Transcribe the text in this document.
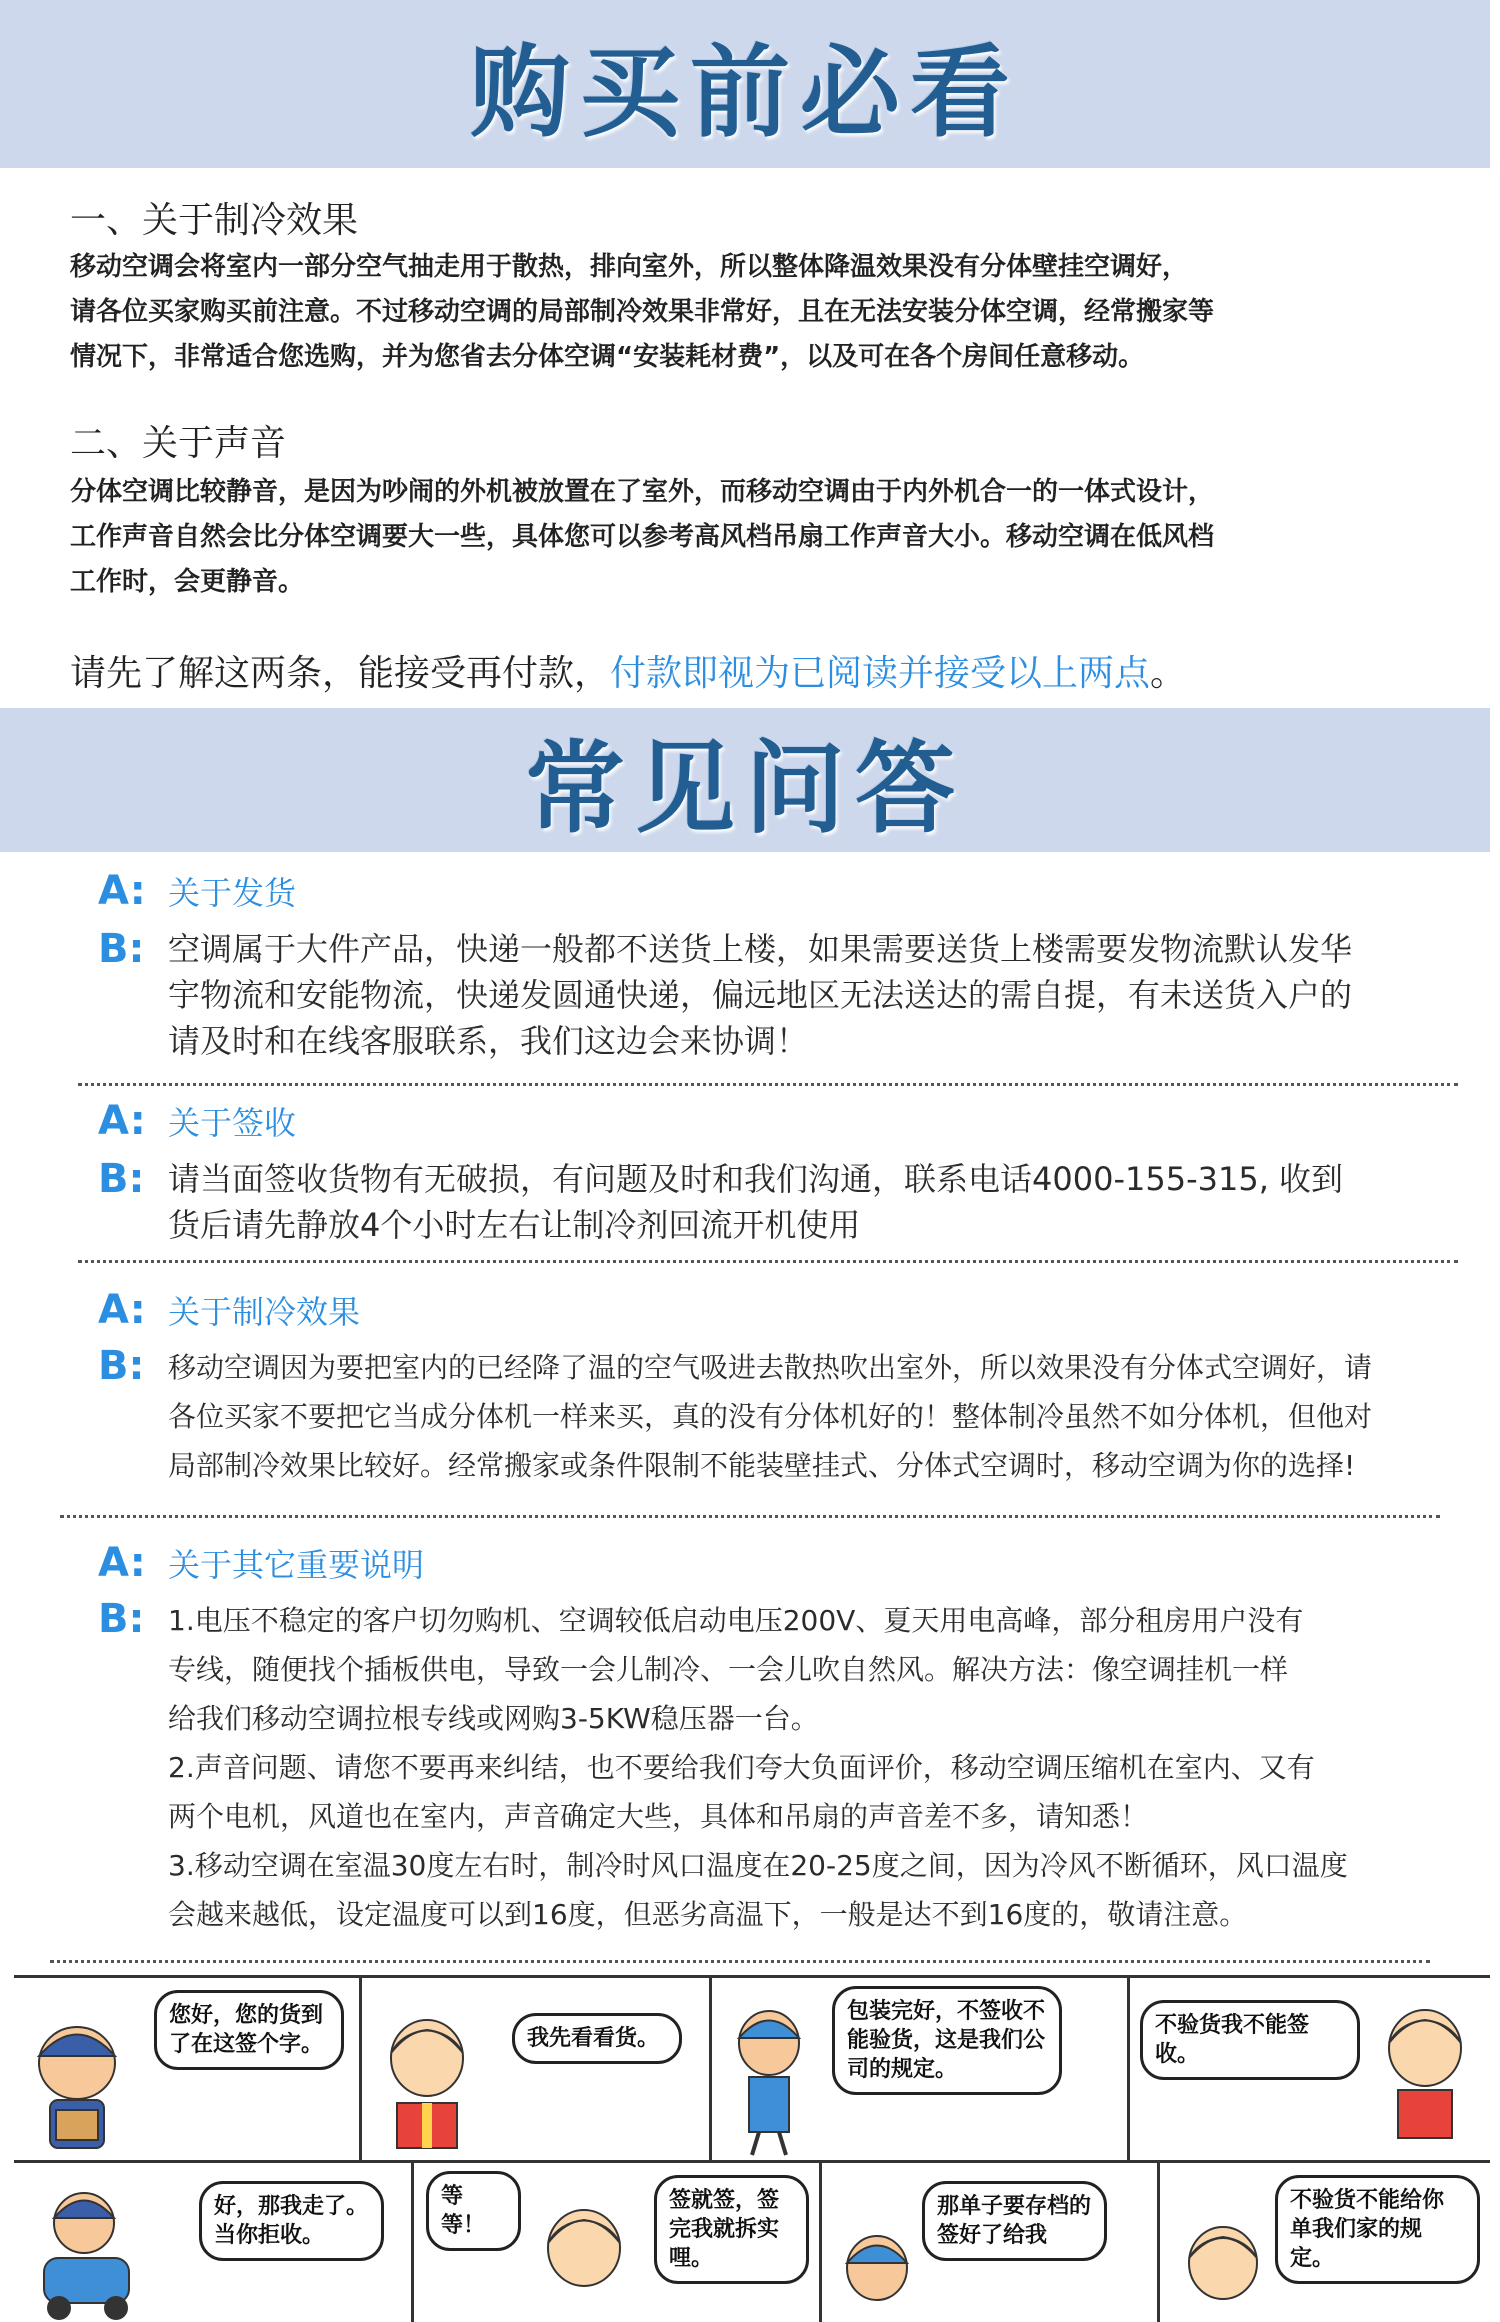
购买前必看
一、关于制冷效果
移动空调会将室内一部分空气抽走用于散热，排向室外，所以整体降温效果没有分体壁挂空调好，
请各位买家购买前注意。不过移动空调的局部制冷效果非常好，且在无法安装分体空调，经常搬家等
情况下，非常适合您选购，并为您省去分体空调“安装耗材费”，以及可在各个房间任意移动。
二、关于声音
分体空调比较静音，是因为吵闹的外机被放置在了室外，而移动空调由于内外机合一的一体式设计，
工作声音自然会比分体空调要大一些，具体您可以参考高风档吊扇工作声音大小。移动空调在低风档
工作时，会更静音。
请先了解这两条，能接受再付款，付款即视为已阅读并接受以上两点。
常见问答
A: 关于发货
B: 空调属于大件产品，快递一般都不送货上楼，如果需要送货上楼需要发物流默认发华
宇物流和安能物流，快递发圆通快递，偏远地区无法送达的需自提，有未送货入户的
请及时和在线客服联系，我们这边会来协调！
A: 关于签收
B: 请当面签收货物有无破损，有问题及时和我们沟通，联系电话4000-155-315, 收到
货后请先静放4个小时左右让制冷剂回流开机使用
A: 关于制冷效果
B: 移动空调因为要把室内的已经降了温的空气吸进去散热吹出室外，所以效果没有分体式空调好，请
各位买家不要把它当成分体机一样来买，真的没有分体机好的！整体制冷虽然不如分体机，但他对
局部制冷效果比较好。经常搬家或条件限制不能装壁挂式、分体式空调时，移动空调为你的选择!
A: 关于其它重要说明
B: 1.电压不稳定的客户切勿购机、空调较低启动电压200V、夏天用电高峰，部分租房用户没有
专线，随便找个插板供电，导致一会儿制冷、一会儿吹自然风。解决方法：像空调挂机一样
给我们移动空调拉根专线或网购3-5KW稳压器一台。
2.声音问题、请您不要再来纠结，也不要给我们夸大负面评价，移动空调压缩机在室内、又有
两个电机，风道也在室内，声音确定大些，具体和吊扇的声音差不多，请知悉！
3.移动空调在室温30度左右时，制冷时风口温度在20-25度之间，因为冷风不断循环，风口温度
会越来越低，设定温度可以到16度，但恶劣高温下，一般是达不到16度的，敬请注意。
您好，您的货到了在这签个字。	我先看看货。
包装完好，不签收不能验货，这是我们公司的规定。
不验货我不能签收。
好，那我走了。当你拒收。
等等！
签就签，签完我就拆实哩。
那单子要存档的签好了给我
不验货不能给你单我们家的规定。
